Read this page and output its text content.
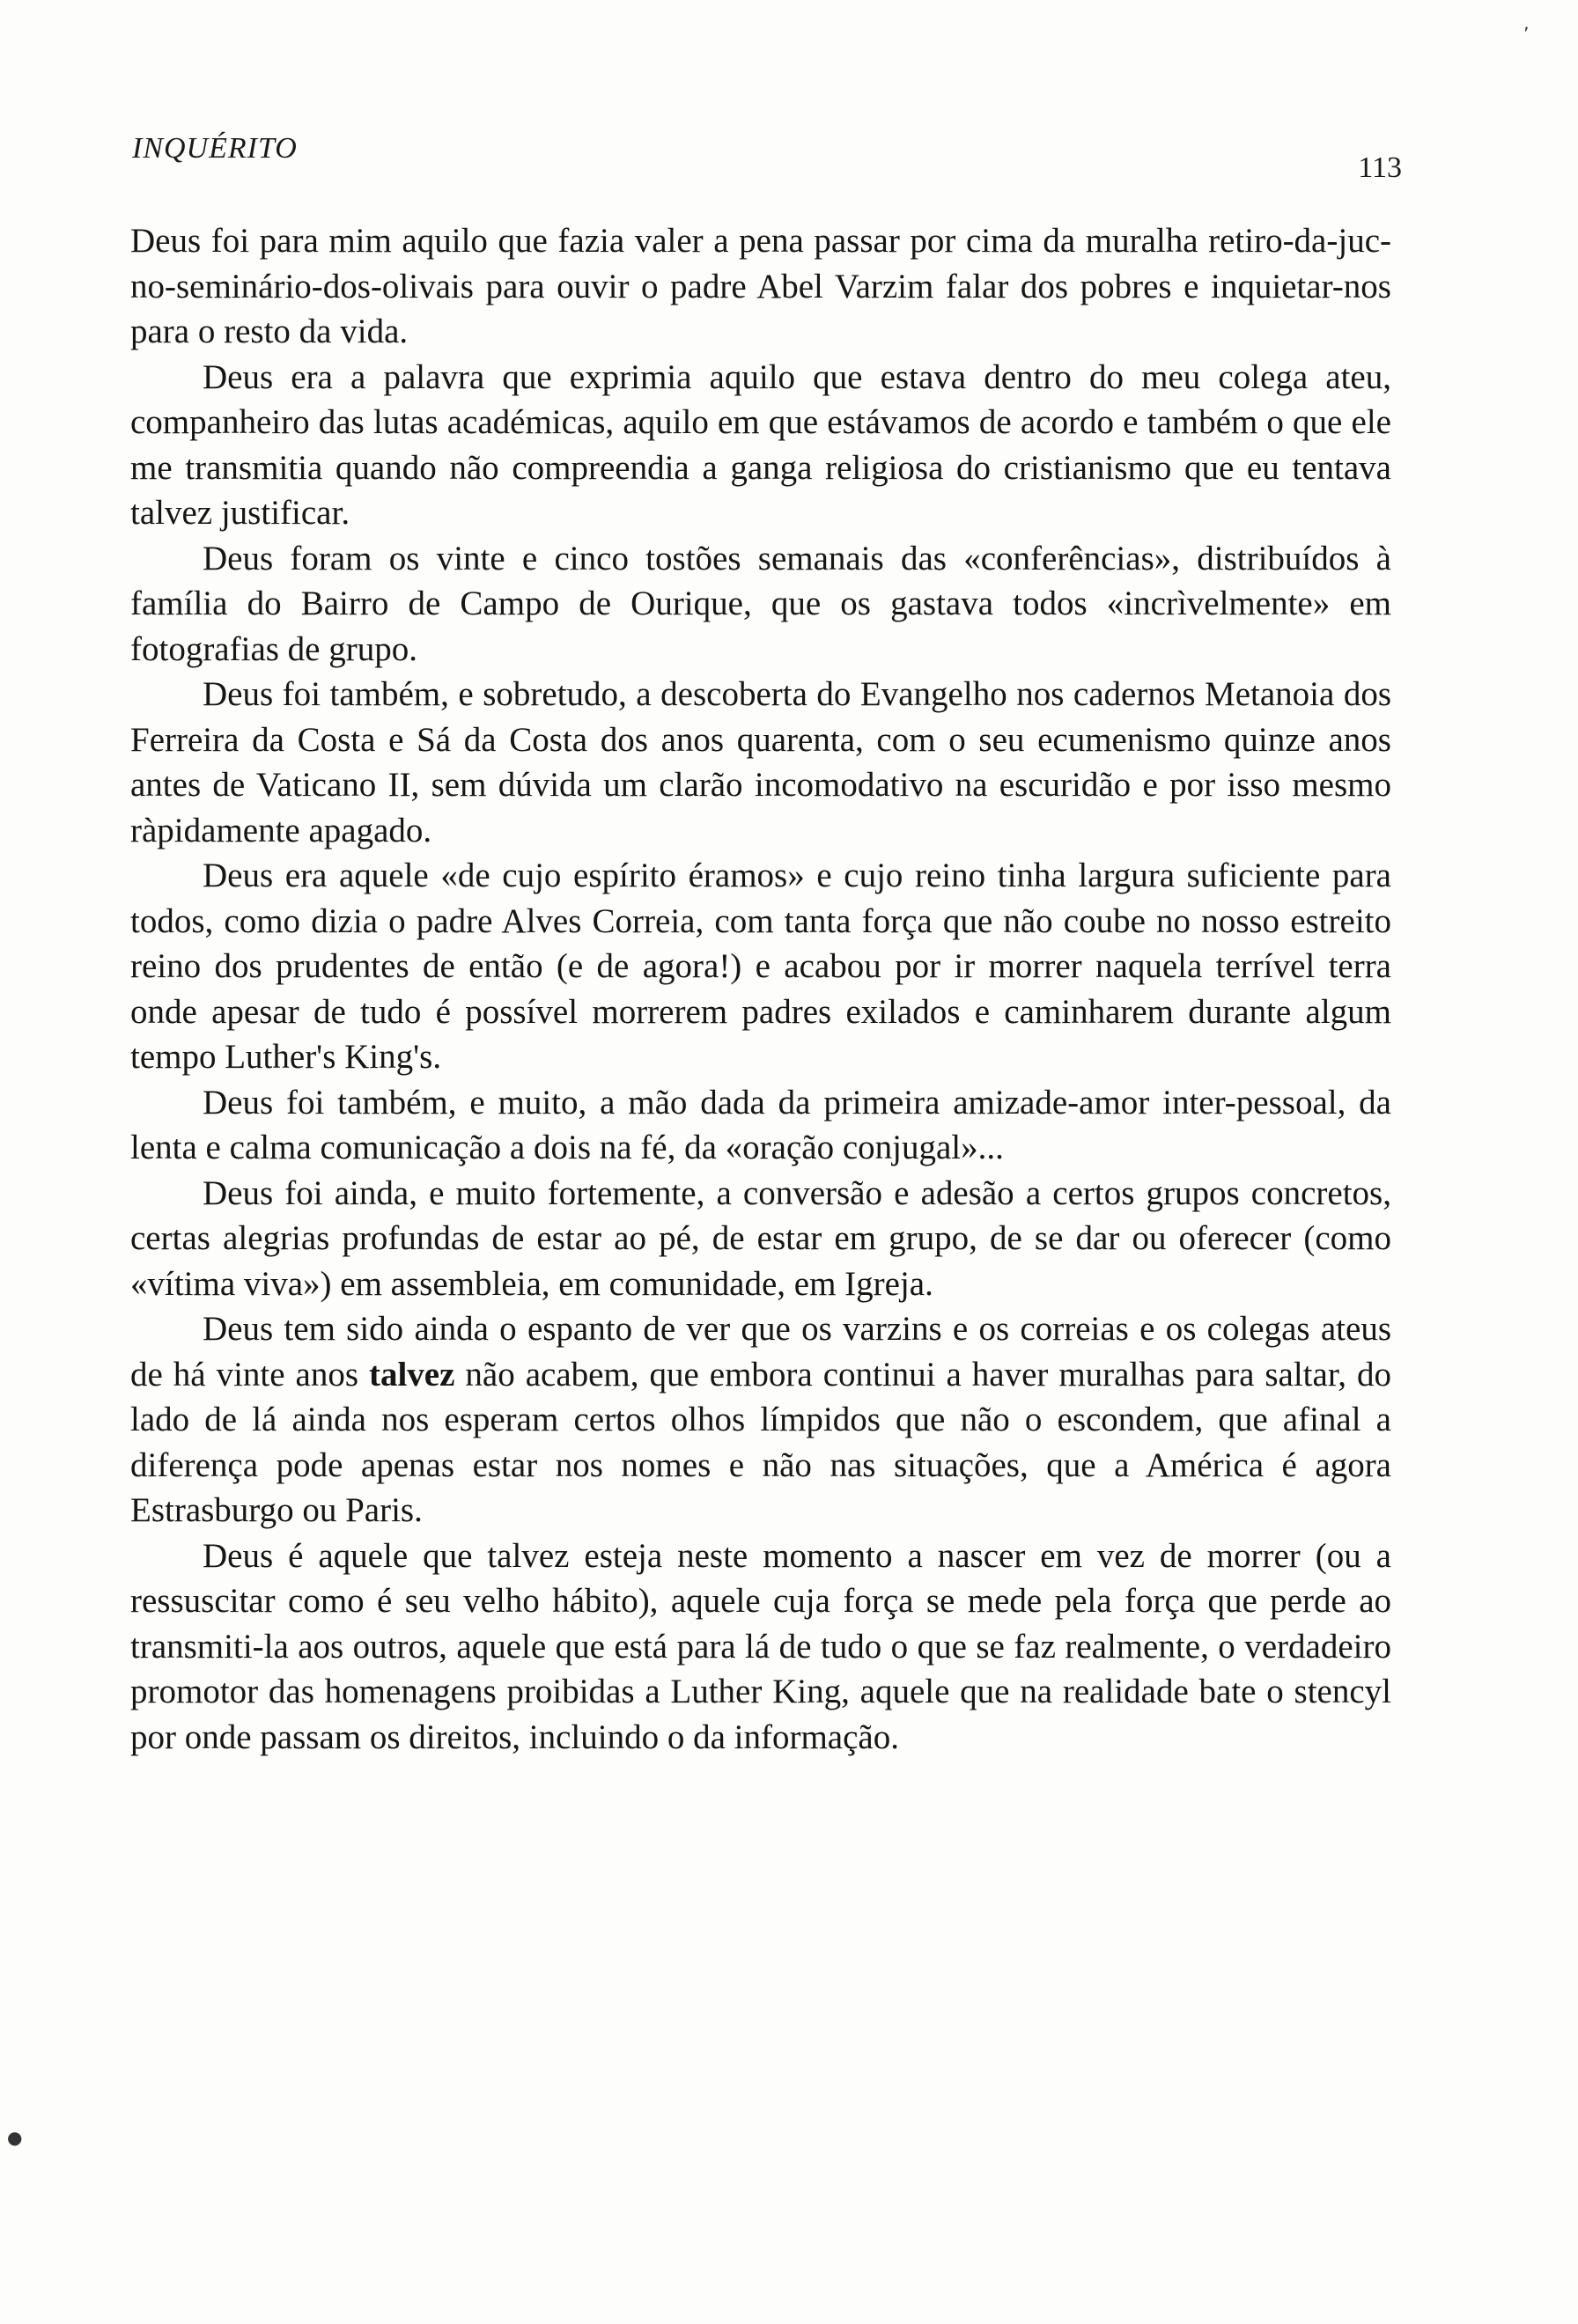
INQUÉRITO
113

Deus foi para mim aquilo que fazia valer a pena passar por cima da muralha retiro-da-juc-no-seminário-dos-olivais para ouvir o padre Abel Varzim falar dos pobres e inquietar-nos para o resto da vida.

Deus era a palavra que exprimia aquilo que estava dentro do meu colega ateu, companheiro das lutas académicas, aquilo em que estávamos de acordo e também o que ele me transmitia quando não compreendia a ganga religiosa do cristianismo que eu tentava talvez justificar.

Deus foram os vinte e cinco tostões semanais das «conferências», distribuídos à família do Bairro de Campo de Ourique, que os gastava todos «incrìvelmente» em fotografias de grupo.

Deus foi também, e sobretudo, a descoberta do Evangelho nos cadernos Metanoia dos Ferreira da Costa e Sá da Costa dos anos quarenta, com o seu ecumenismo quinze anos antes de Vaticano II, sem dúvida um clarão incomodativo na escuridão e por isso mesmo ràpidamente apagado.

Deus era aquele «de cujo espírito éramos» e cujo reino tinha largura suficiente para todos, como dizia o padre Alves Correia, com tanta força que não coube no nosso estreito reino dos prudentes de então (e de agora!) e acabou por ir morrer naquela terrível terra onde apesar de tudo é possível morrerem padres exilados e caminharem durante algum tempo Luther's King's.

Deus foi também, e muito, a mão dada da primeira amizade-amor inter-pessoal, da lenta e calma comunicação a dois na fé, da «oração conjugal»...

Deus foi ainda, e muito fortemente, a conversão e adesão a certos grupos concretos, certas alegrias profundas de estar ao pé, de estar em grupo, de se dar ou oferecer (como «vítima viva») em assembleia, em comunidade, em Igreja.

Deus tem sido ainda o espanto de ver que os varzins e os correias e os colegas ateus de há vinte anos talvez não acabem, que embora continui a haver muralhas para saltar, do lado de lá ainda nos esperam certos olhos límpidos que não o escondem, que afinal a diferença pode apenas estar nos nomes e não nas situações, que a América é agora Estrasburgo ou Paris.

Deus é aquele que talvez esteja neste momento a nascer em vez de morrer (ou a ressuscitar como é seu velho hábito), aquele cuja força se mede pela força que perde ao transmiti-la aos outros, aquele que está para lá de tudo o que se faz realmente, o verdadeiro promotor das homenagens proibidas a Luther King, aquele que na realidade bate o stencyl por onde passam os direitos, incluindo o da informação.

‚
●
